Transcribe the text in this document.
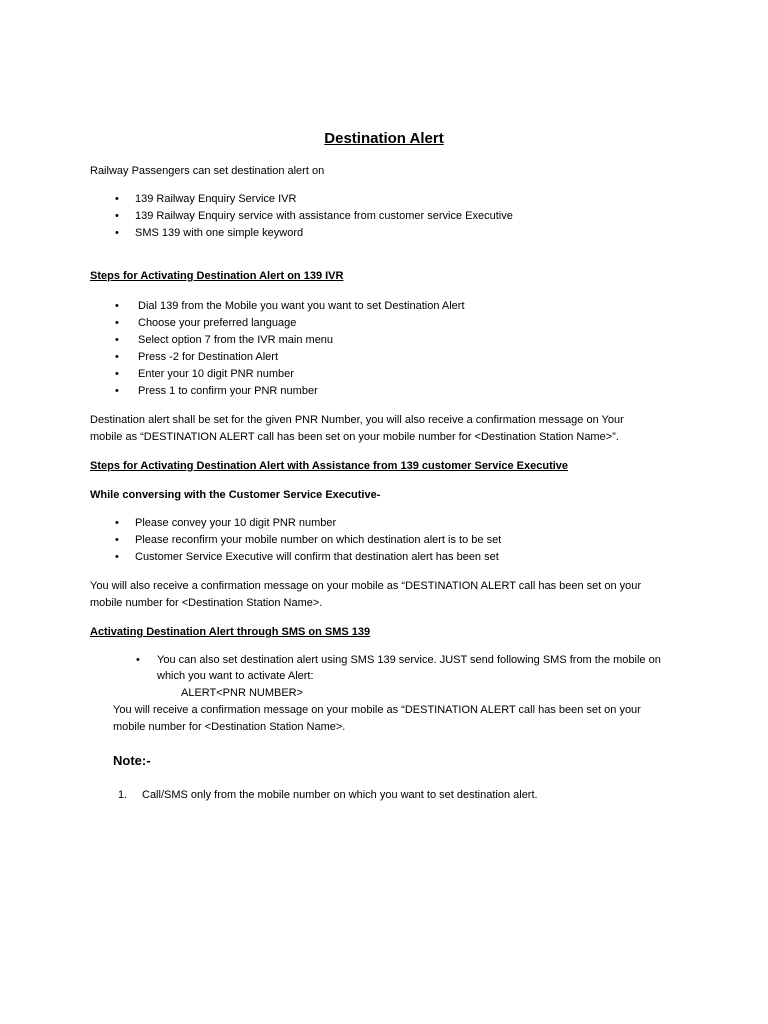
Destination Alert
Railway Passengers can set destination alert on
• 139 Railway Enquiry Service IVR
• 139 Railway Enquiry service with assistance from customer service Executive
• SMS 139 with one simple keyword
Steps for Activating Destination Alert on 139 IVR
• Dial 139 from the Mobile you want you want to set Destination Alert
• Choose your preferred language
• Select option 7 from the IVR main menu
• Press -2 for Destination Alert
• Enter your 10 digit PNR number
• Press 1 to confirm your PNR number
Destination alert shall be set for the given PNR Number, you will also receive a confirmation message on Your
mobile as “DESTINATION ALERT call has been set on your mobile number for <Destination Station Name>”.
Steps for Activating Destination Alert with Assistance from 139 customer Service Executive
While conversing with the Customer Service Executive-
• Please convey your 10 digit PNR number
• Please reconfirm your mobile number on which destination alert is to be set
• Customer Service Executive will confirm that destination alert has been set
You will also receive a confirmation message on your mobile as “DESTINATION ALERT call has been set on your
mobile number for <Destination Station Name>.
Activating Destination Alert through SMS on SMS 139
• You can also set destination alert using SMS 139 service. JUST send following SMS from the mobile on
which you want to activate Alert:
ALERT<PNR NUMBER>
You will receive a confirmation message on your mobile as “DESTINATION ALERT call has been set on your
mobile number for <Destination Station Name>.
Note:-
1. Call/SMS only from the mobile number on which you want to set destination alert.
